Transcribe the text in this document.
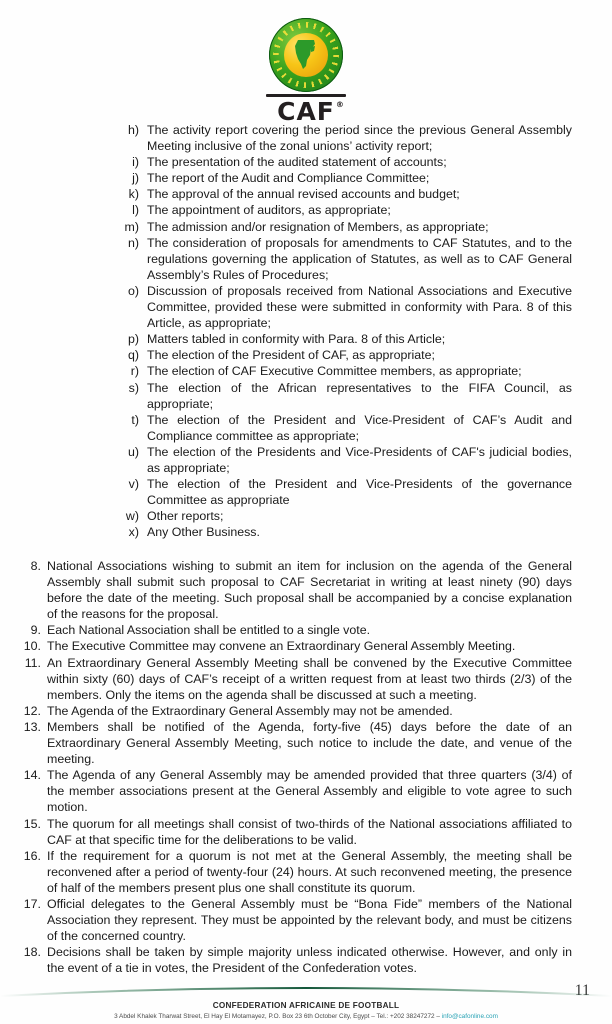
CAF ®
h) The activity report covering the period since the previous General Assembly Meeting inclusive of the zonal unions’ activity report;
i) The presentation of the audited statement of accounts;
j) The report of the Audit and Compliance Committee;
k) The approval of the annual revised accounts and budget;
l) The appointment of auditors, as appropriate;
m) The admission and/or resignation of Members, as appropriate;
n) The consideration of proposals for amendments to CAF Statutes, and to the regulations governing the application of Statutes, as well as to CAF General Assembly’s Rules of Procedures;
o) Discussion of proposals received from National Associations and Executive Committee, provided these were submitted in conformity with Para. 8 of this Article, as appropriate;
p) Matters tabled in conformity with Para. 8 of this Article;
q) The election of the President of CAF, as appropriate;
r) The election of CAF Executive Committee members, as appropriate;
s) The election of the African representatives to the FIFA Council, as appropriate;
t) The election of the President and Vice-President of CAF’s Audit and Compliance committee as appropriate;
u) The election of the Presidents and Vice-Presidents of CAF's judicial bodies, as appropriate;
v) The election of the President and Vice-Presidents of the governance Committee as appropriate
w) Other reports;
x) Any Other Business.
8. National Associations wishing to submit an item for inclusion on the agenda of the General Assembly shall submit such proposal to CAF Secretariat in writing at least ninety (90) days before the date of the meeting. Such proposal shall be accompanied by a concise explanation of the reasons for the proposal.
9. Each National Association shall be entitled to a single vote.
10. The Executive Committee may convene an Extraordinary General Assembly Meeting.
11. An Extraordinary General Assembly Meeting shall be convened by the Executive Committee within sixty (60) days of CAF’s receipt of a written request from at least two thirds (2/3) of the members. Only the items on the agenda shall be discussed at such a meeting.
12. The Agenda of the Extraordinary General Assembly may not be amended.
13. Members shall be notified of the Agenda, forty-five (45) days before the date of an Extraordinary General Assembly Meeting, such notice to include the date, and venue of the meeting.
14. The Agenda of any General Assembly may be amended provided that three quarters (3/4) of the member associations present at the General Assembly and eligible to vote agree to such motion.
15. The quorum for all meetings shall consist of two-thirds of the National associations affiliated to CAF at that specific time for the deliberations to be valid.
16. If the requirement for a quorum is not met at the General Assembly, the meeting shall be reconvened after a period of twenty-four (24) hours. At such reconvened meeting, the presence of half of the members present plus one shall constitute its quorum.
17. Official delegates to the General Assembly must be “Bona Fide” members of the National Association they represent. They must be appointed by the relevant body, and must be citizens of the concerned country.
18. Decisions shall be taken by simple majority unless indicated otherwise. However, and only in the event of a tie in votes, the President of the Confederation votes.
11
CONFEDERATION AFRICAINE DE FOOTBALL
3 Abdel Khalek Tharwat Street, El Hay El Motamayez, P.O. Box 23 6th October City, Egypt – Tel.: +202 38247272 – info@cafonline.com
